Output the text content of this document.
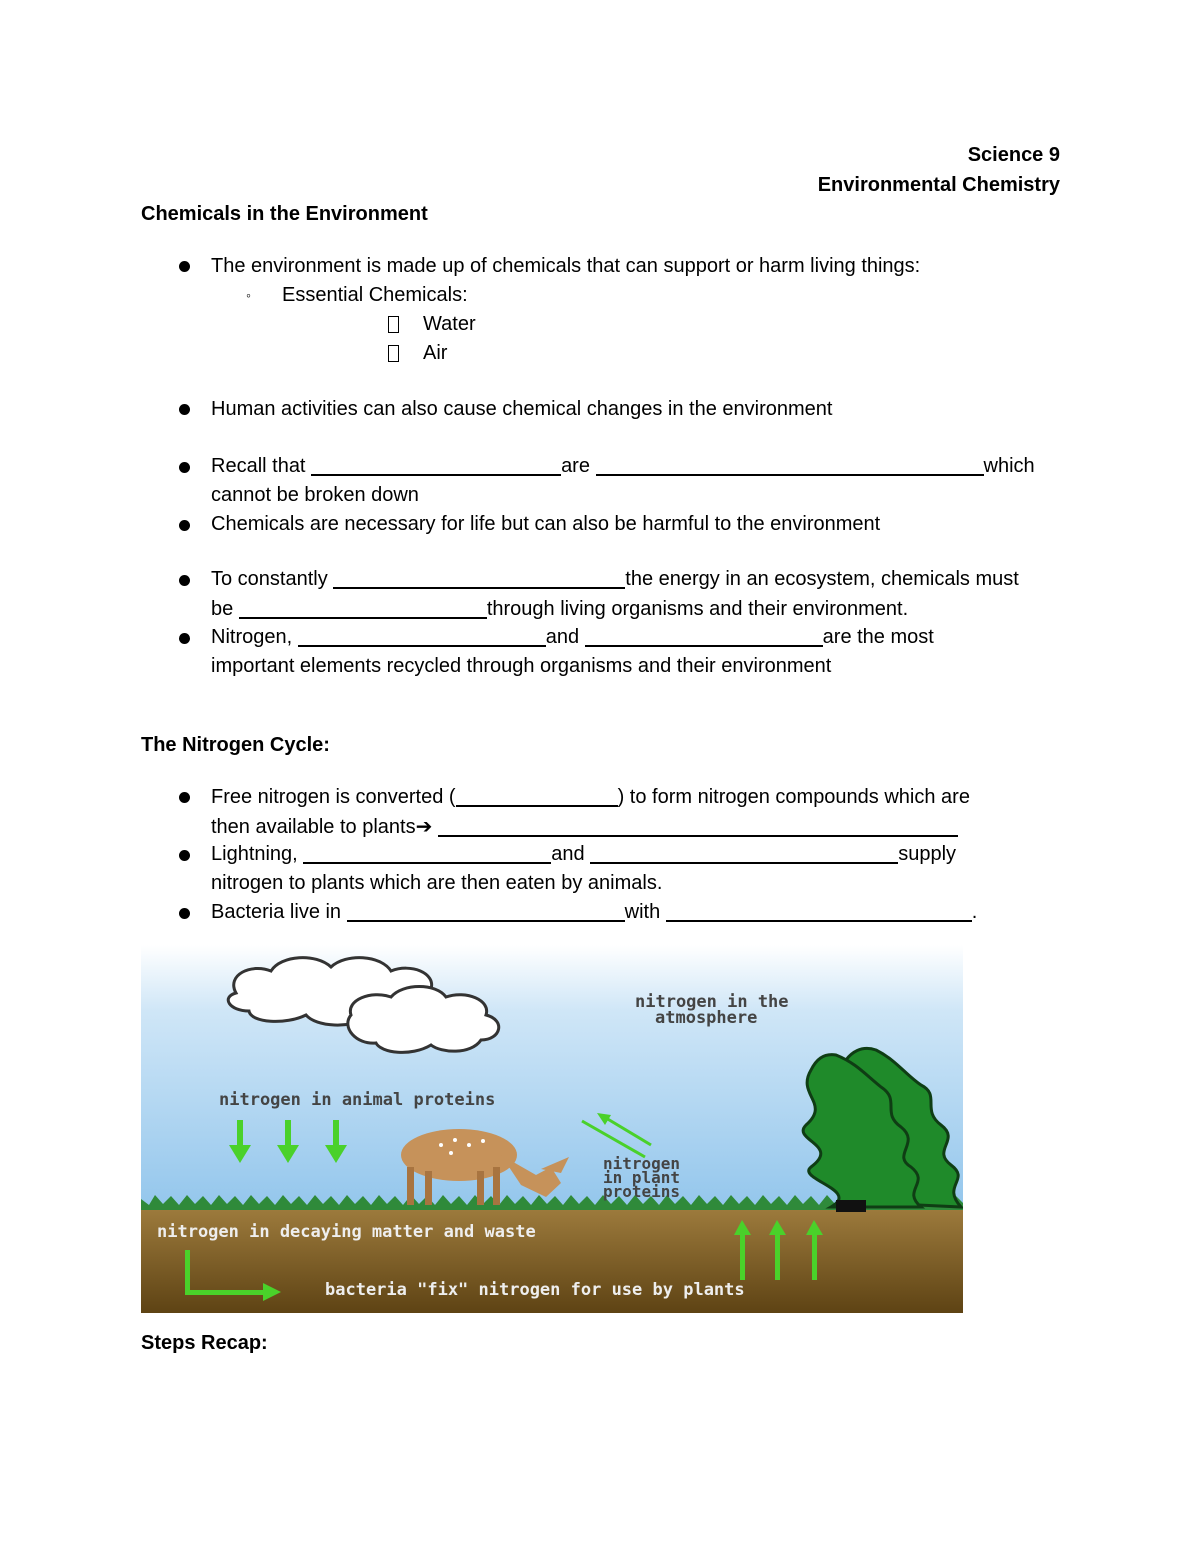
Science 9
Environmental Chemistry
Chemicals in the Environment
The environment is made up of chemicals that can support or harm living things:
◦ Essential Chemicals:
Water
Air
Human activities can also cause chemical changes in the environment
Recall that	are	which
cannot be broken down
Chemicals are necessary for life but can also be harmful to the environment
To constantly	the energy in an ecosystem, chemicals must
be	through living organisms and their environment.
Nitrogen,	and	are the most
important elements recycled through organisms and their environment
The Nitrogen Cycle:
Free nitrogen is converted (	) to form nitrogen compounds which are
then available to plants➔
Lightning,	and	supply
nitrogen to plants which are then eaten by animals.
Bacteria live in	with	.
nitrogen in the
atmosphere
nitrogen in animal proteins
nitrogen
in plant
proteins
nitrogen in decaying matter and waste
bacteria "fix" nitrogen for use by plants
Steps Recap:
